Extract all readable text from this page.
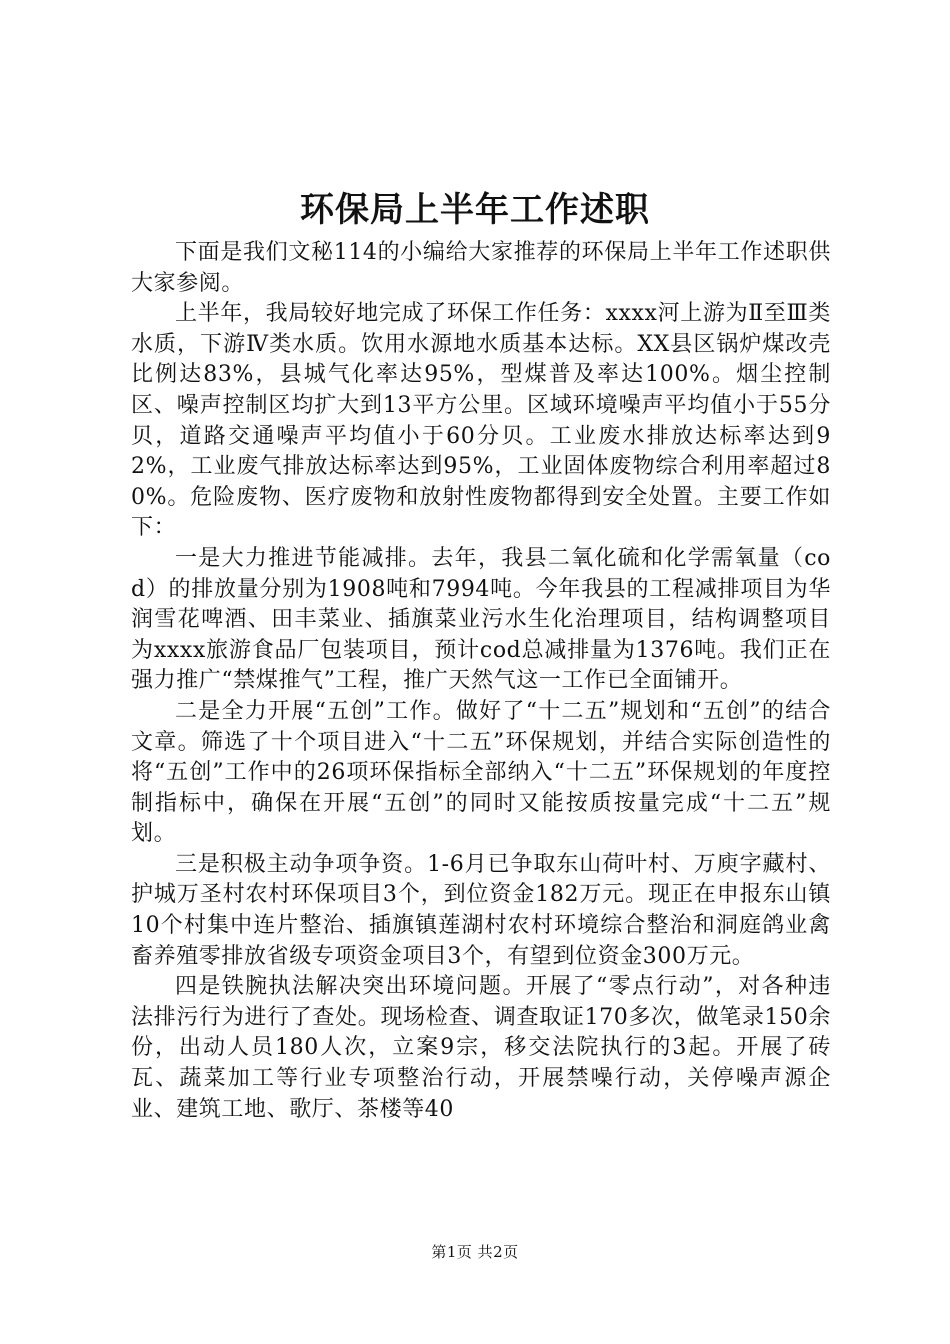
环保局上半年工作述职

下面是我们文秘114的小编给大家推荐的环保局上半年工作述职供大家参阅。

上半年，我局较好地完成了环保工作任务：xxxx河上游为Ⅱ至Ⅲ类水质，下游Ⅳ类水质。饮用水源地水质基本达标。XX县区锅炉煤改壳比例达83%，县城气化率达95%，型煤普及率达100%。烟尘控制区、噪声控制区均扩大到13平方公里。区域环境噪声平均值小于55分贝，道路交通噪声平均值小于60分贝。工业废水排放达标率达到92%，工业废气排放达标率达到95%，工业固体废物综合利用率超过80%。危险废物、医疗废物和放射性废物都得到安全处置。主要工作如下：

一是大力推进节能减排。去年，我县二氧化硫和化学需氧量（cod）的排放量分别为1908吨和7994吨。今年我县的工程减排项目为华润雪花啤酒、田丰菜业、插旗菜业污水生化治理项目，结构调整项目为xxxx旅游食品厂包装项目，预计cod总减排量为1376吨。我们正在强力推广“禁煤推气”工程，推广天然气这一工作已全面铺开。

二是全力开展“五创”工作。做好了“十二五”规划和“五创”的结合文章。筛选了十个项目进入“十二五”环保规划，并结合实际创造性的将“五创”工作中的26项环保指标全部纳入“十二五”环保规划的年度控制指标中，确保在开展“五创”的同时又能按质按量完成“十二五”规划。

三是积极主动争项争资。1-6月已争取东山荷叶村、万庾字藏村、护城万圣村农村环保项目3个，到位资金182万元。现正在申报东山镇10个村集中连片整治、插旗镇莲湖村农村环境综合整治和洞庭鸽业禽畜养殖零排放省级专项资金项目3个，有望到位资金300万元。

四是铁腕执法解决突出环境问题。开展了“零点行动”，对各种违法排污行为进行了查处。现场检查、调查取证170多次，做笔录150余份，出动人员180人次，立案9宗，移交法院执行的3起。开展了砖瓦、蔬菜加工等行业专项整治行动，开展禁噪行动，关停噪声源企业、建筑工地、歌厅、茶楼等40

第1页 共2页
